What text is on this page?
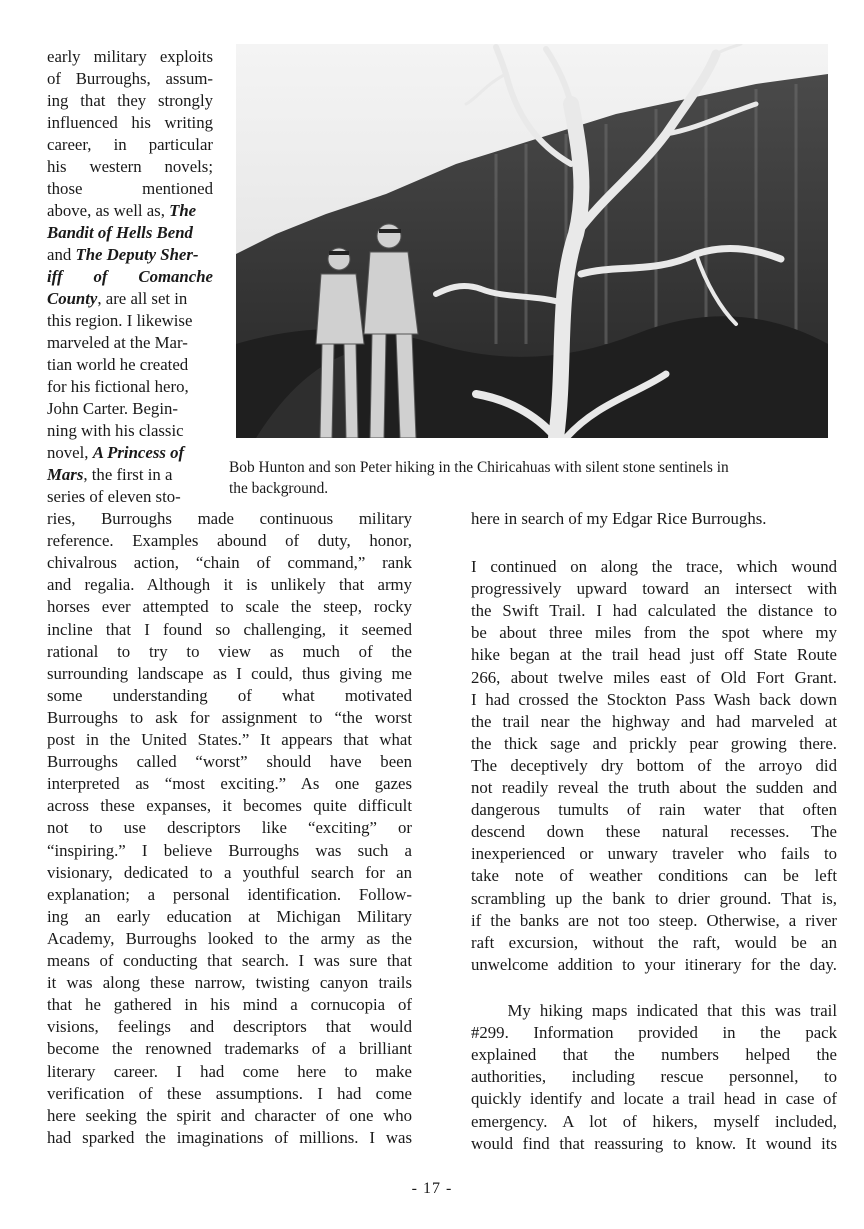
early military exploits
of Burroughs, assum-
ing that they strongly
influenced his writing
career, in particular
his western novels;
those mentioned
above, as well as, The
Bandit of Hells Bend
and The Deputy Sher-
iff of Comanche
County, are all set in
this region. I likewise
marveled at the Mar-
tian world he created
for his fictional hero,
John Carter. Begin-
ning with his classic
novel, A Princess of
Mars, the first in a
series of eleven sto-
Bob Hunton and son Peter hiking in the Chiricahuas with silent stone sentinels in
the background.
ries, Burroughs made continuous military
reference. Examples abound of duty, honor,
chivalrous action, “chain of command,” rank
and regalia. Although it is unlikely that army
horses ever attempted to scale the steep, rocky
incline that I found so challenging, it seemed
rational to try to view as much of the
surrounding landscape as I could, thus giving me
some understanding of what motivated
Burroughs to ask for assignment to “the worst
post in the United States.” It appears that what
Burroughs called “worst” should have been
interpreted as “most exciting.” As one gazes
across these expanses, it becomes quite difficult
not to use descriptors like “exciting” or
“inspiring.” I believe Burroughs was such a
visionary, dedicated to a youthful search for an
explanation; a personal identification. Follow-
ing an early education at Michigan Military
Academy, Burroughs looked to the army as the
means of conducting that search. I was sure that
it was along these narrow, twisting canyon trails
that he gathered in his mind a cornucopia of
visions, feelings and descriptors that would
become the renowned trademarks of a brilliant
literary career. I had come here to make
verification of these assumptions. I had come
here seeking the spirit and character of one who
had sparked the imaginations of millions. I was
here in search of my Edgar Rice Burroughs.
I continued on along the trace, which wound
progressively upward toward an intersect with
the Swift Trail. I had calculated the distance to
be about three miles from the spot where my
hike began at the trail head just off State Route
266, about twelve miles east of Old Fort Grant.
I had crossed the Stockton Pass Wash back down
the trail near the highway and had marveled at
the thick sage and prickly pear growing there.
The deceptively dry bottom of the arroyo did
not readily reveal the truth about the sudden and
dangerous tumults of rain water that often
descend down these natural recesses. The
inexperienced or unwary traveler who fails to
take note of weather conditions can be left
scrambling up the bank to drier ground. That is,
if the banks are not too steep. Otherwise, a river
raft excursion, without the raft, would be an
unwelcome addition to your itinerary for the day.
My hiking maps indicated that this was trail
#299. Information provided in the pack
explained that the numbers helped the
authorities, including rescue personnel, to
quickly identify and locate a trail head in case of
emergency. A lot of hikers, myself included,
would find that reassuring to know. It wound its
- 17 -
